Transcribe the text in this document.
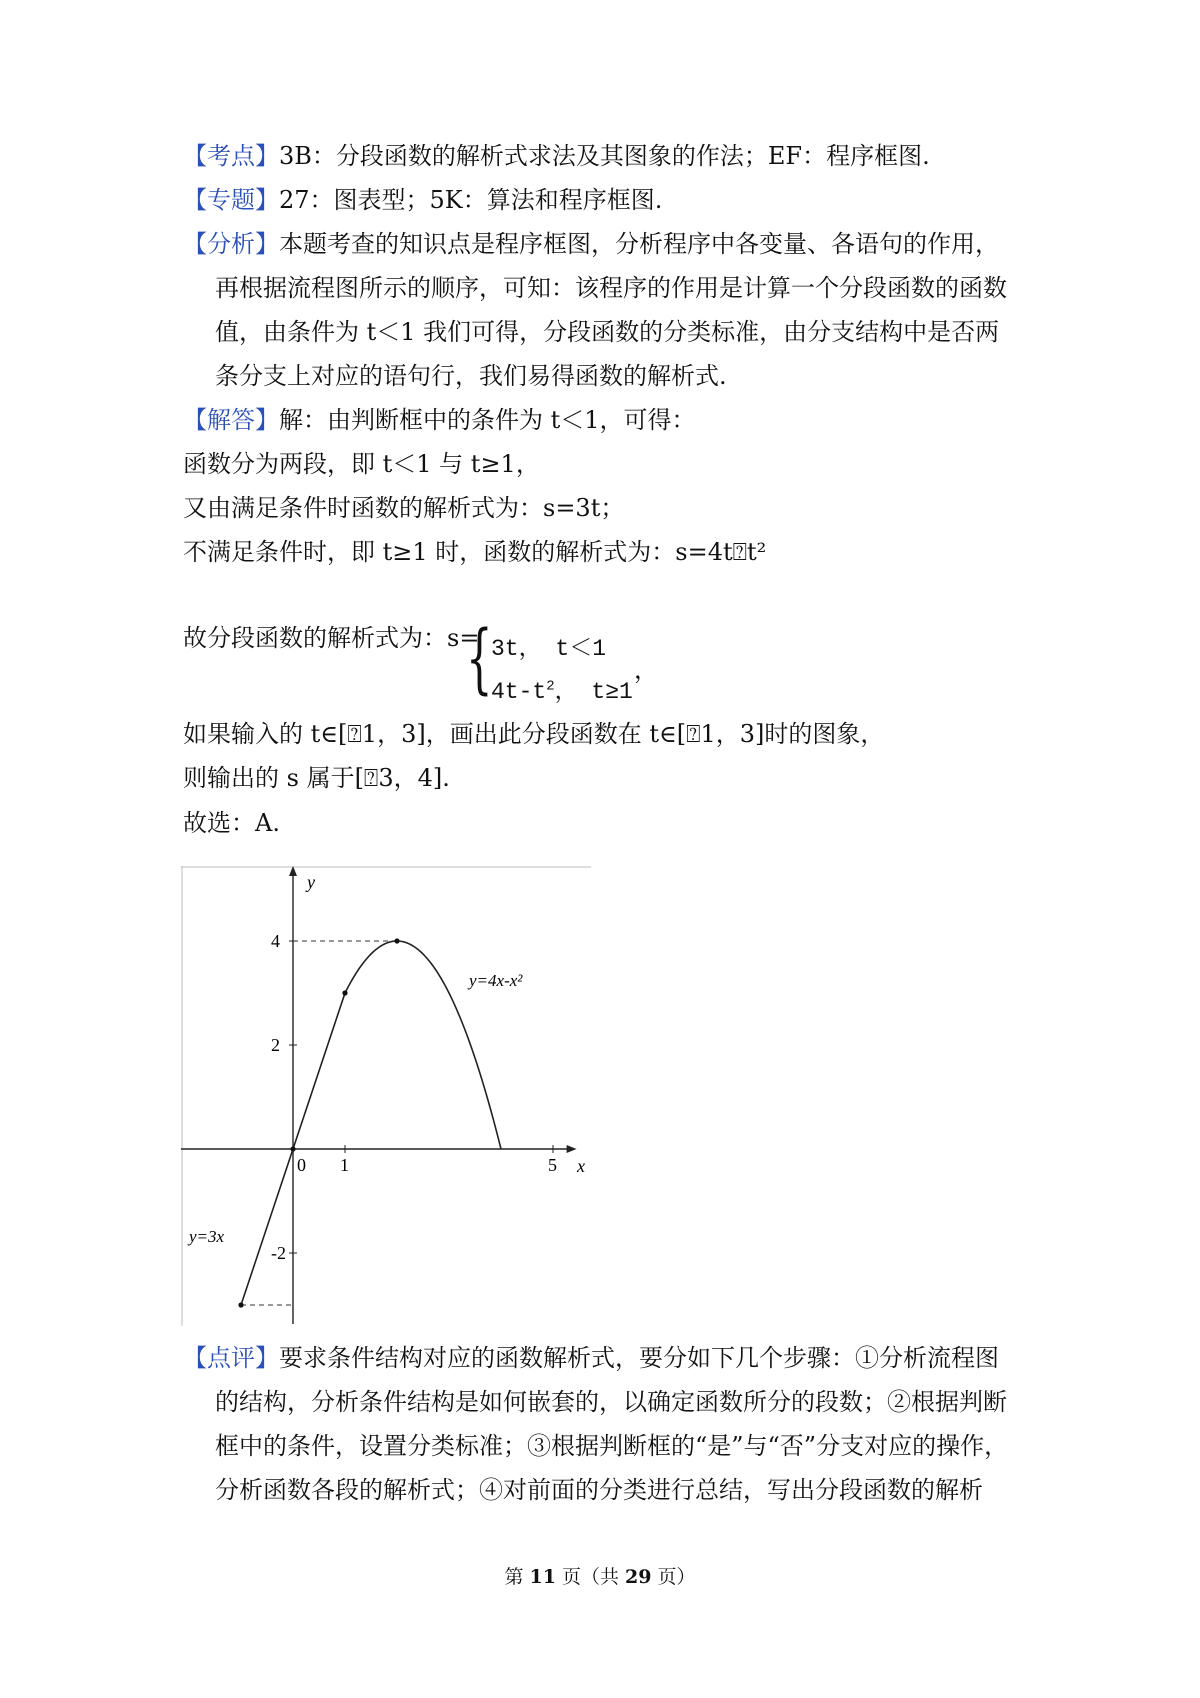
【考点】3B：分段函数的解析式求法及其图象的作法；EF：程序框图.
【专题】27：图表型；5K：算法和程序框图.
【分析】本题考查的知识点是程序框图，分析程序中各变量、各语句的作用，
再根据流程图所示的顺序，可知：该程序的作用是计算一个分段函数的函数
值，由条件为 t＜1 我们可得，分段函数的分类标准，由分支结构中是否两
条分支上对应的语句行，我们易得函数的解析式.
【解答】解：由判断框中的条件为 t＜1，可得：
函数分为两段，即 t＜1 与 t≥1，
又由满足条件时函数的解析式为：s=3t；
不满足条件时，即 t≥1 时，函数的解析式为：s=4t⍰t²
故分段函数的解析式为：s=
{
3t， t＜1
$4t-t^2$， t≥1
，
如果输入的 t∈[⍰1，3]，画出此分段函数在 t∈[⍰1，3]时的图象，
则输出的 s 属于[⍰3，4].
故选：A.
4
2
-2
0 1	5
y
x
y=4x-x²
y=3x
【点评】要求条件结构对应的函数解析式，要分如下几个步骤：①分析流程图
的结构，分析条件结构是如何嵌套的，以确定函数所分的段数；②根据判断
框中的条件，设置分类标准；③根据判断框的“是”与“否”分支对应的操作，
分析函数各段的解析式；④对前面的分类进行总结，写出分段函数的解析
第 11 页（共 29 页）
